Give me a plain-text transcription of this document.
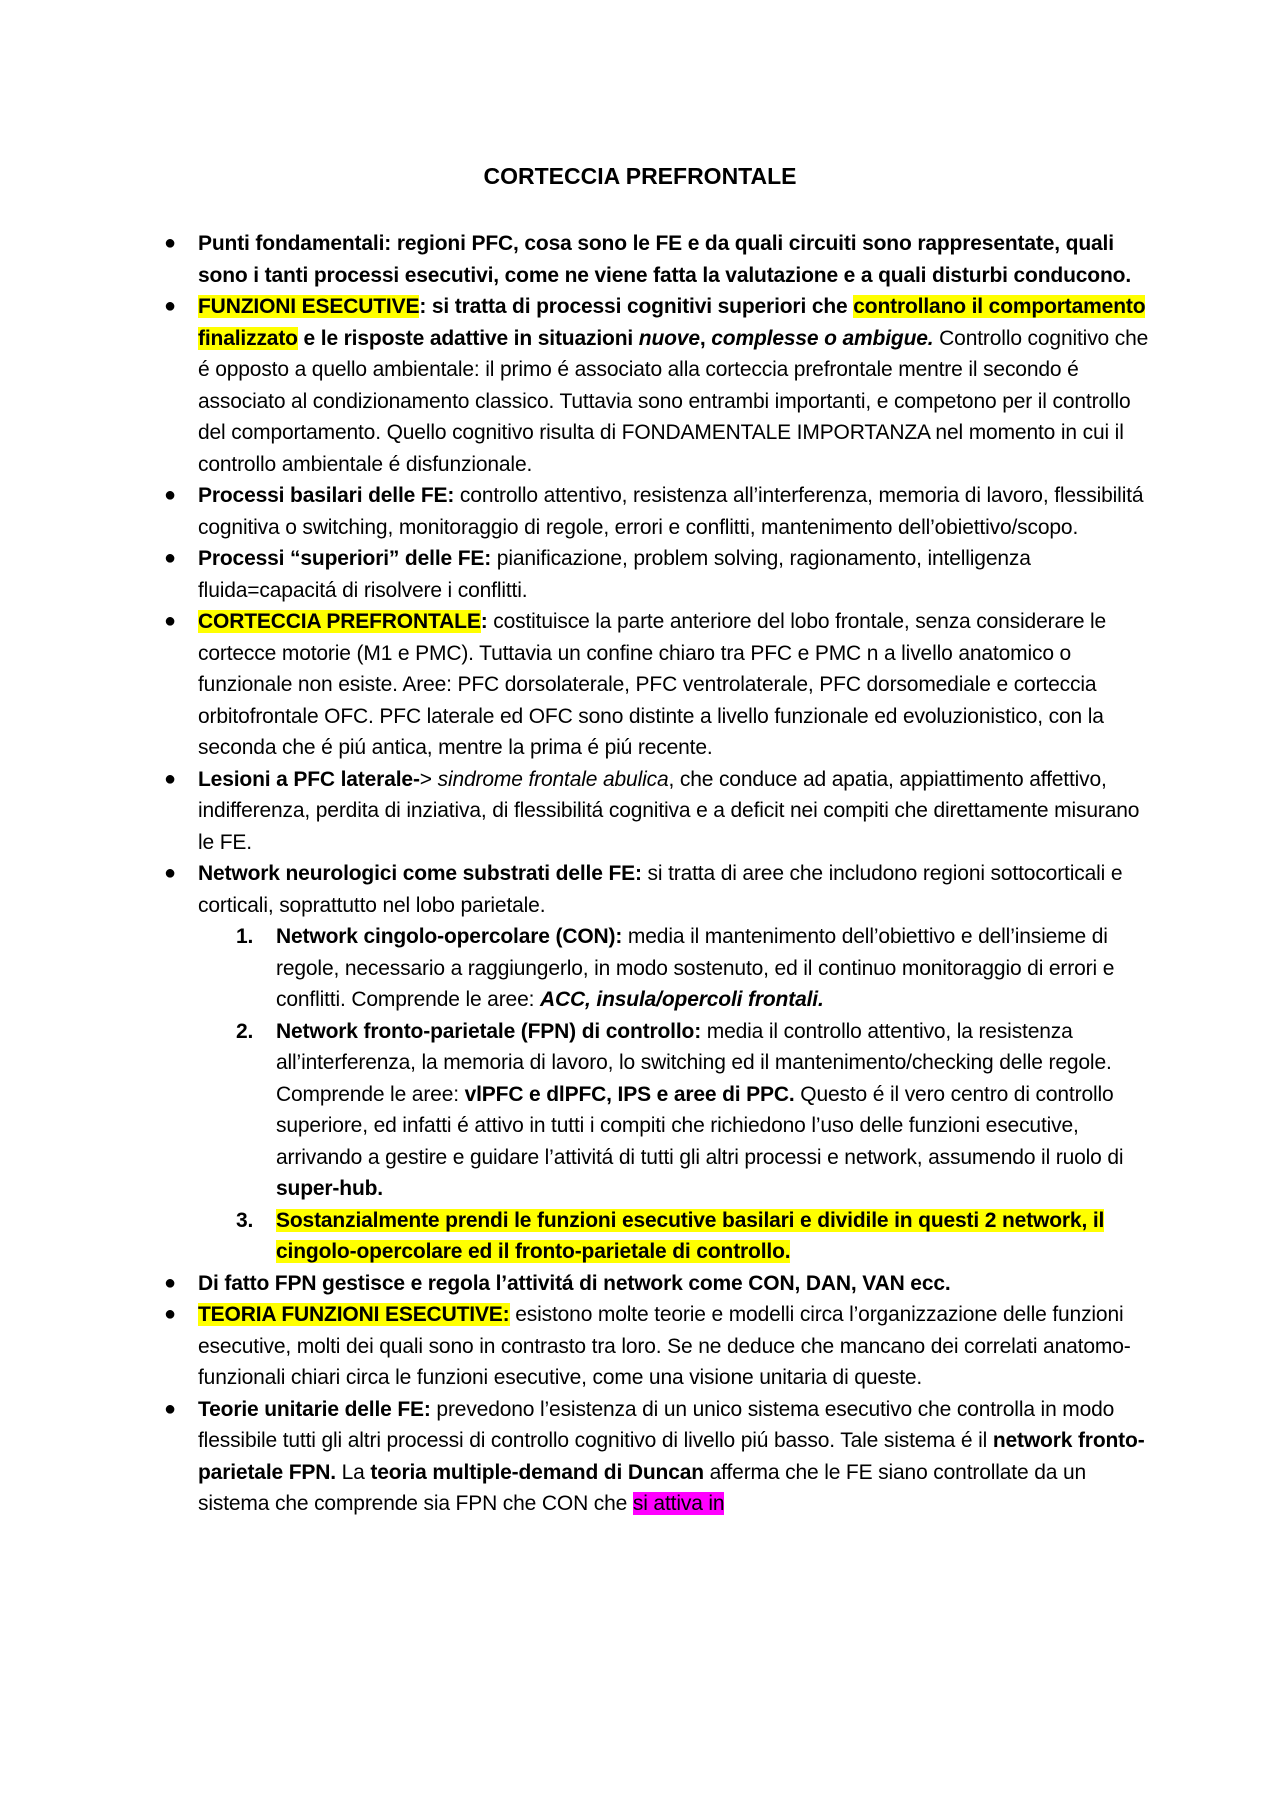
CORTECCIA PREFRONTALE
● Punti fondamentali: regioni PFC, cosa sono le FE e da quali circuiti sono rappresentate, quali sono i tanti processi esecutivi, come ne viene fatta la valutazione e a quali disturbi conducono.
● FUNZIONI ESECUTIVE: si tratta di processi cognitivi superiori che controllano il comportamento finalizzato e le risposte adattive in situazioni nuove, complesse o ambigue. Controllo cognitivo che é opposto a quello ambientale: il primo é associato alla corteccia prefrontale mentre il secondo é associato al condizionamento classico. Tuttavia sono entrambi importanti, e competono per il controllo del comportamento. Quello cognitivo risulta di FONDAMENTALE IMPORTANZA nel momento in cui il controllo ambientale é disfunzionale.
● Processi basilari delle FE: controllo attentivo, resistenza all’interferenza, memoria di lavoro, flessibilitá cognitiva o switching, monitoraggio di regole, errori e conflitti, mantenimento dell’obiettivo/scopo.
● Processi “superiori” delle FE: pianificazione, problem solving, ragionamento, intelligenza fluida=capacitá di risolvere i conflitti.
● CORTECCIA PREFRONTALE: costituisce la parte anteriore del lobo frontale, senza considerare le cortecce motorie (M1 e PMC). Tuttavia un confine chiaro tra PFC e PMC n a livello anatomico o funzionale non esiste. Aree: PFC dorsolaterale, PFC ventrolaterale, PFC dorsomediale e corteccia orbitofrontale OFC. PFC laterale ed OFC sono distinte a livello funzionale ed evoluzionistico, con la seconda che é piú antica, mentre la prima é piú recente.
● Lesioni a PFC laterale-> sindrome frontale abulica, che conduce ad apatia, appiattimento affettivo, indifferenza, perdita di inziativa, di flessibilitá cognitiva e a deficit nei compiti che direttamente misurano le FE.
● Network neurologici come substrati delle FE: si tratta di aree che includono regioni sottocorticali e corticali, soprattutto nel lobo parietale.
1. Network cingolo-opercolare (CON): media il mantenimento dell’obiettivo e dell’insieme di regole, necessario a raggiungerlo, in modo sostenuto, ed il continuo monitoraggio di errori e conflitti. Comprende le aree: ACC, insula/opercoli frontali.
2. Network fronto-parietale (FPN) di controllo: media il controllo attentivo, la resistenza all’interferenza, la memoria di lavoro, lo switching ed il mantenimento/checking delle regole. Comprende le aree: vlPFC e dlPFC, IPS e aree di PPC. Questo é il vero centro di controllo superiore, ed infatti é attivo in tutti i compiti che richiedono l’uso delle funzioni esecutive, arrivando a gestire e guidare l’attivitá di tutti gli altri processi e network, assumendo il ruolo di super-hub.
3. Sostanzialmente prendi le funzioni esecutive basilari e dividile in questi 2 network, il cingolo-opercolare ed il fronto-parietale di controllo.
● Di fatto FPN gestisce e regola l’attivitá di network come CON, DAN, VAN ecc.
● TEORIA FUNZIONI ESECUTIVE: esistono molte teorie e modelli circa l’organizzazione delle funzioni esecutive, molti dei quali sono in contrasto tra loro. Se ne deduce che mancano dei correlati anatomo-funzionali chiari circa le funzioni esecutive, come una visione unitaria di queste.
● Teorie unitarie delle FE: prevedono l’esistenza di un unico sistema esecutivo che controlla in modo flessibile tutti gli altri processi di controllo cognitivo di livello piú basso. Tale sistema é il network fronto-parietale FPN. La teoria multiple-demand di Duncan afferma che le FE siano controllate da un sistema che comprende sia FPN che CON che si attiva in
